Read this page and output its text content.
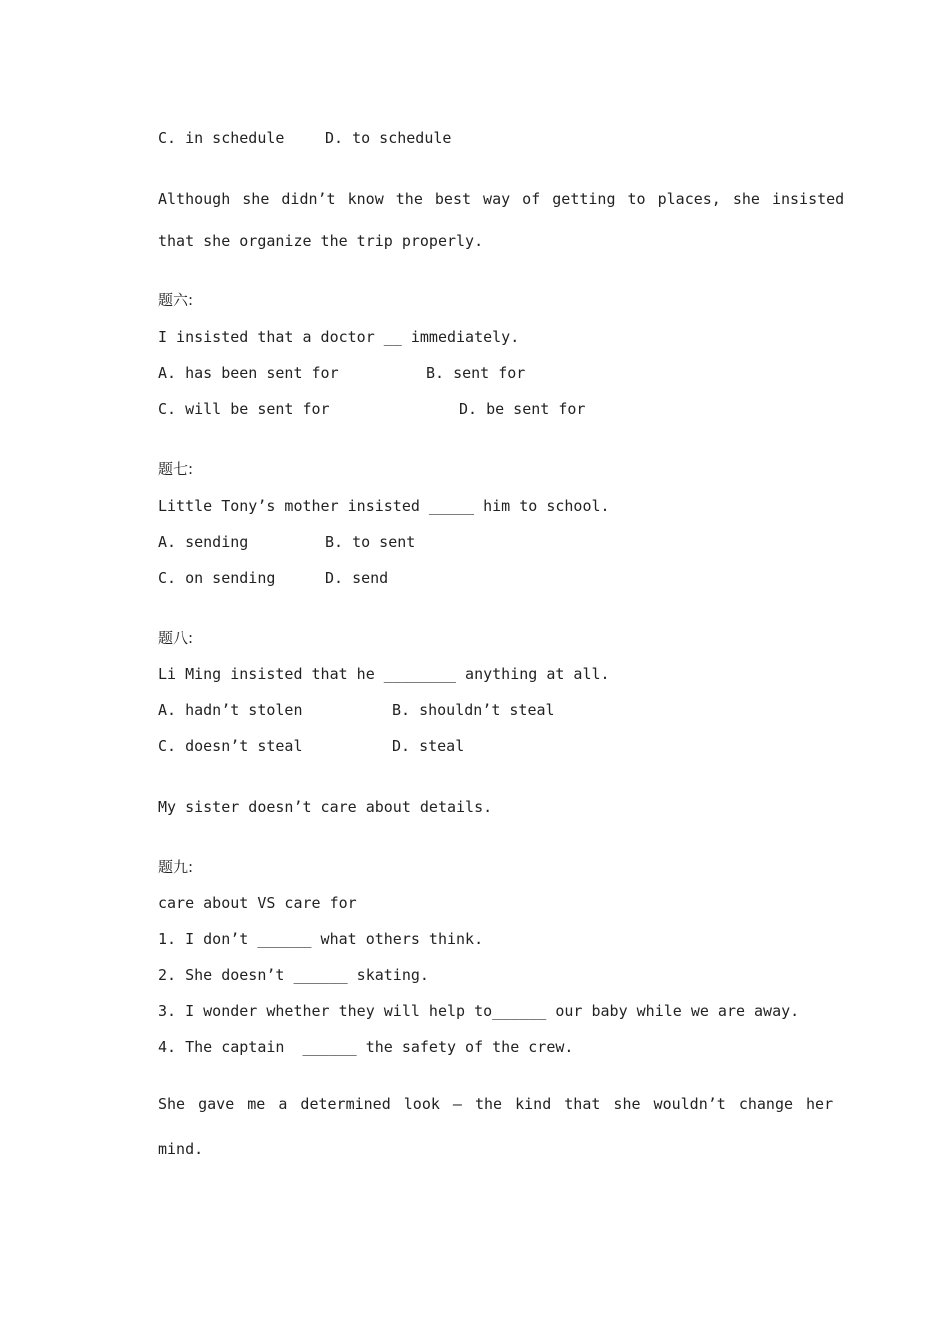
C. in schedule	D. to schedule
Although she didn’t know the best way of getting to places, she insisted
that she organize the trip properly.
题六:
I insisted that a doctor __ immediately.
A. has been sent for	B. sent for
C. will be sent for	D. be sent for
题七:
Little Tony’s mother insisted _____ him to school.
A. sending	B. to sent
C. on sending	D. send
题八:
Li Ming insisted that he ________ anything at all.
A. hadn’t stolen	B. shouldn’t steal
C. doesn’t steal	D. steal
My sister doesn’t care about details.
题九:
care about VS care for
1. I don’t ______ what others think.
2. She doesn’t ______ skating.
3. I wonder whether they will help to______ our baby while we are away.
4. The captain  ______ the safety of the crew.
She gave me a determined look – the kind that she wouldn’t change her
mind.
